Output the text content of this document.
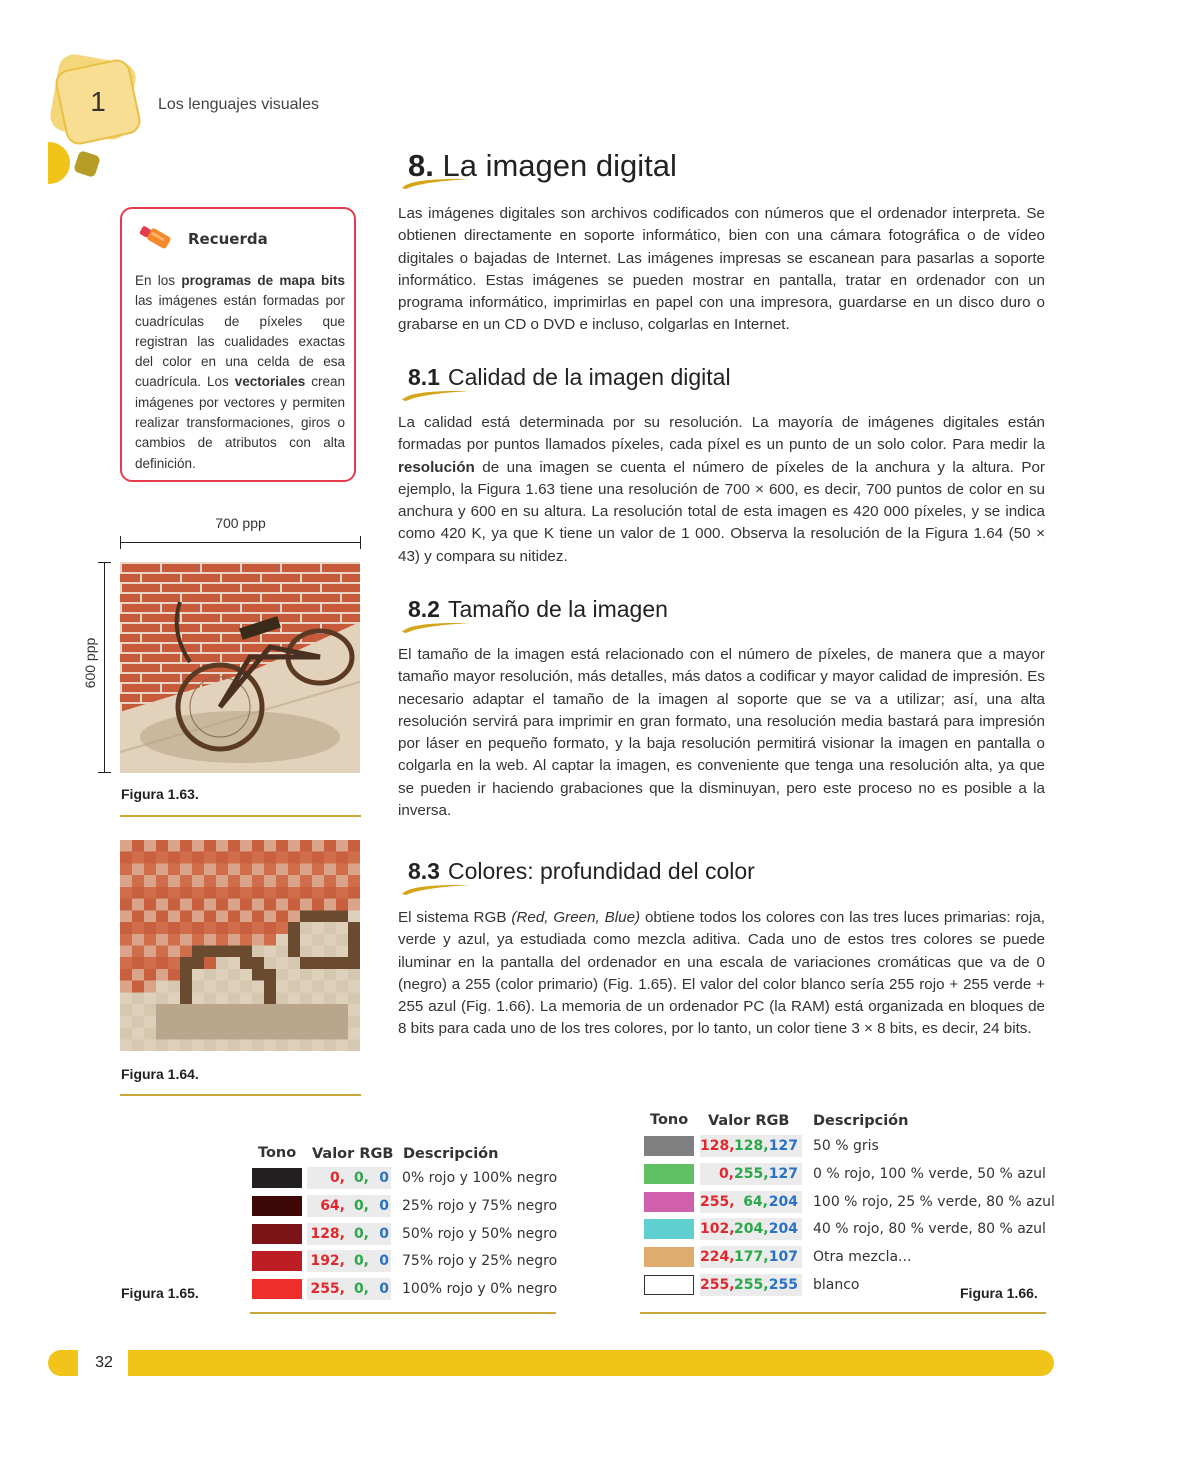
1	Los lenguajes visuales
Recuerda
En los programas de mapa bits las imágenes están formadas por cuadrículas de píxeles que registran las cualidades exactas del color en una celda de esa cuadrícula. Los vectoriales crean imágenes por vectores y permiten realizar transformaciones, giros o cambios de atributos con alta definición.
700 ppp
600 ppp
Figura 1.63.
Figura 1.64.
8. La imagen digital
Las imágenes digitales son archivos codificados con números que el ordenador interpreta. Se obtienen directamente en soporte informático, bien con una cámara fotográfica o de vídeo digitales o bajadas de Internet. Las imágenes impresas se escanean para pasarlas a soporte informático. Estas imágenes se pueden mostrar en pantalla, tratar en ordenador con un programa informático, imprimirlas en papel con una impresora, guardarse en un disco duro o grabarse en un CD o DVD e incluso, colgarlas en Internet.
8.1 Calidad de la imagen digital
La calidad está determinada por su resolución. La mayoría de imágenes digitales están formadas por puntos llamados píxeles, cada píxel es un punto de un solo color. Para medir la resolución de una imagen se cuenta el número de píxeles de la anchura y la altura. Por ejemplo, la Figura 1.63 tiene una resolución de 700 × 600, es decir, 700 puntos de color en su anchura y 600 en su altura. La resolución total de esta imagen es 420 000 píxeles, y se indica como 420 K, ya que K tiene un valor de 1 000. Observa la resolución de la Figura 1.64 (50 × 43) y compara su nitidez.
8.2 Tamaño de la imagen
El tamaño de la imagen está relacionado con el número de píxeles, de manera que a mayor tamaño mayor resolución, más detalles, más datos a codificar y mayor calidad de impresión. Es necesario adaptar el tamaño de la imagen al soporte que se va a utilizar; así, una alta resolución servirá para imprimir en gran formato, una resolución media bastará para impresión por láser en pequeño formato, y la baja resolución permitirá visionar la imagen en pantalla o colgarla en la web. Al captar la imagen, es conveniente que tenga una resolución alta, ya que se pueden ir haciendo grabaciones que la disminuyan, pero este proceso no es posible a la inversa.
8.3 Colores: profundidad del color
El sistema RGB (Red, Green, Blue) obtiene todos los colores con las tres luces primarias: roja, verde y azul, ya estudiada como mezcla aditiva. Cada uno de estos tres colores se puede iluminar en la pantalla del ordenador en una escala de variaciones cromáticas que va de 0 (negro) a 255 (color primario) (Fig. 1.65). El valor del color blanco sería 255 rojo + 255 verde + 255 azul (Fig. 1.66). La memoria de un ordenador PC (la RAM) está organizada en bloques de 8 bits para cada uno de los tres colores, por lo tanto, un color tiene 3 × 8 bits, es decir, 24 bits.
Tono Valor RGB Descripción
0, 0, 0 0% rojo y 100% negro
64, 0, 0 25% rojo y 75% negro
128, 0, 0 50% rojo y 50% negro
192, 0, 0 75% rojo y 25% negro
255, 0, 0 100% rojo y 0% negro
Figura 1.65.
Tono Valor RGB Descripción
128,128,127 50 % gris
0,255,127 0 % rojo, 100 % verde, 50 % azul
255, 64,204 100 % rojo, 25 % verde, 80 % azul
102,204,204 40 % rojo, 80 % verde, 80 % azul
224,177,107 Otra mezcla...
255,255,255 blanco	Figura 1.66.
32
